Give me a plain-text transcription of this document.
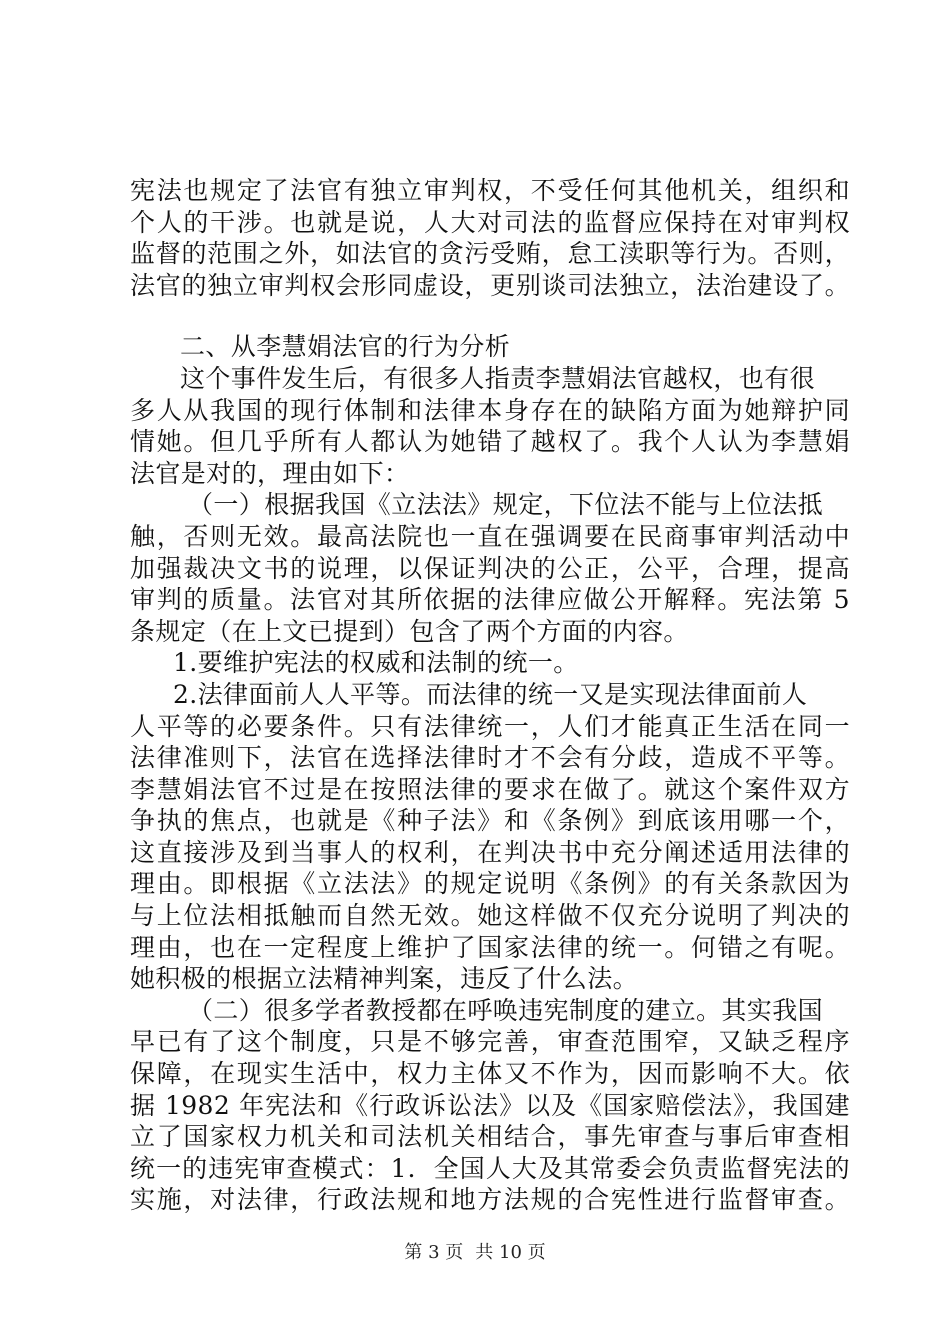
宪法也规定了法官有独立审判权，不受任何其他机关，组织和
个人的干涉。也就是说，人大对司法的监督应保持在对审判权
监督的范围之外，如法官的贪污受贿，怠工渎职等行为。否则，
法官的独立审判权会形同虚设，更别谈司法独立，法治建设了。
二、从李慧娟法官的行为分析
这个事件发生后，有很多人指责李慧娟法官越权，也有很
多人从我国的现行体制和法律本身存在的缺陷方面为她辩护同
情她。但几乎所有人都认为她错了越权了。我个人认为李慧娟
法官是对的，理由如下：
（一）根据我国《立法法》规定，下位法不能与上位法抵
触，否则无效。最高法院也一直在强调要在民商事审判活动中
加强裁决文书的说理，以保证判决的公正，公平，合理，提高
审判的质量。法官对其所依据的法律应做公开解释。宪法第 5
条规定（在上文已提到）包含了两个方面的内容。
1.要维护宪法的权威和法制的统一。
2.法律面前人人平等。而法律的统一又是实现法律面前人
人平等的必要条件。只有法律统一，人们才能真正生活在同一
法律准则下，法官在选择法律时才不会有分歧，造成不平等。
李慧娟法官不过是在按照法律的要求在做了。就这个案件双方
争执的焦点，也就是《种子法》和《条例》到底该用哪一个，
这直接涉及到当事人的权利，在判决书中充分阐述适用法律的
理由。即根据《立法法》的规定说明《条例》的有关条款因为
与上位法相抵触而自然无效。她这样做不仅充分说明了判决的
理由，也在一定程度上维护了国家法律的统一。何错之有呢。
她积极的根据立法精神判案，违反了什么法。
（二）很多学者教授都在呼唤违宪制度的建立。其实我国
早已有了这个制度，只是不够完善，审查范围窄，又缺乏程序
保障，在现实生活中，权力主体又不作为，因而影响不大。依
据 1982 年宪法和《行政诉讼法》以及《国家赔偿法》，我国建
立了国家权力机关和司法机关相结合，事先审查与事后审查相
统一的违宪审查模式：1．全国人大及其常委会负责监督宪法的
实施，对法律，行政法规和地方法规的合宪性进行监督审查。
第 3 页 共 10 页
